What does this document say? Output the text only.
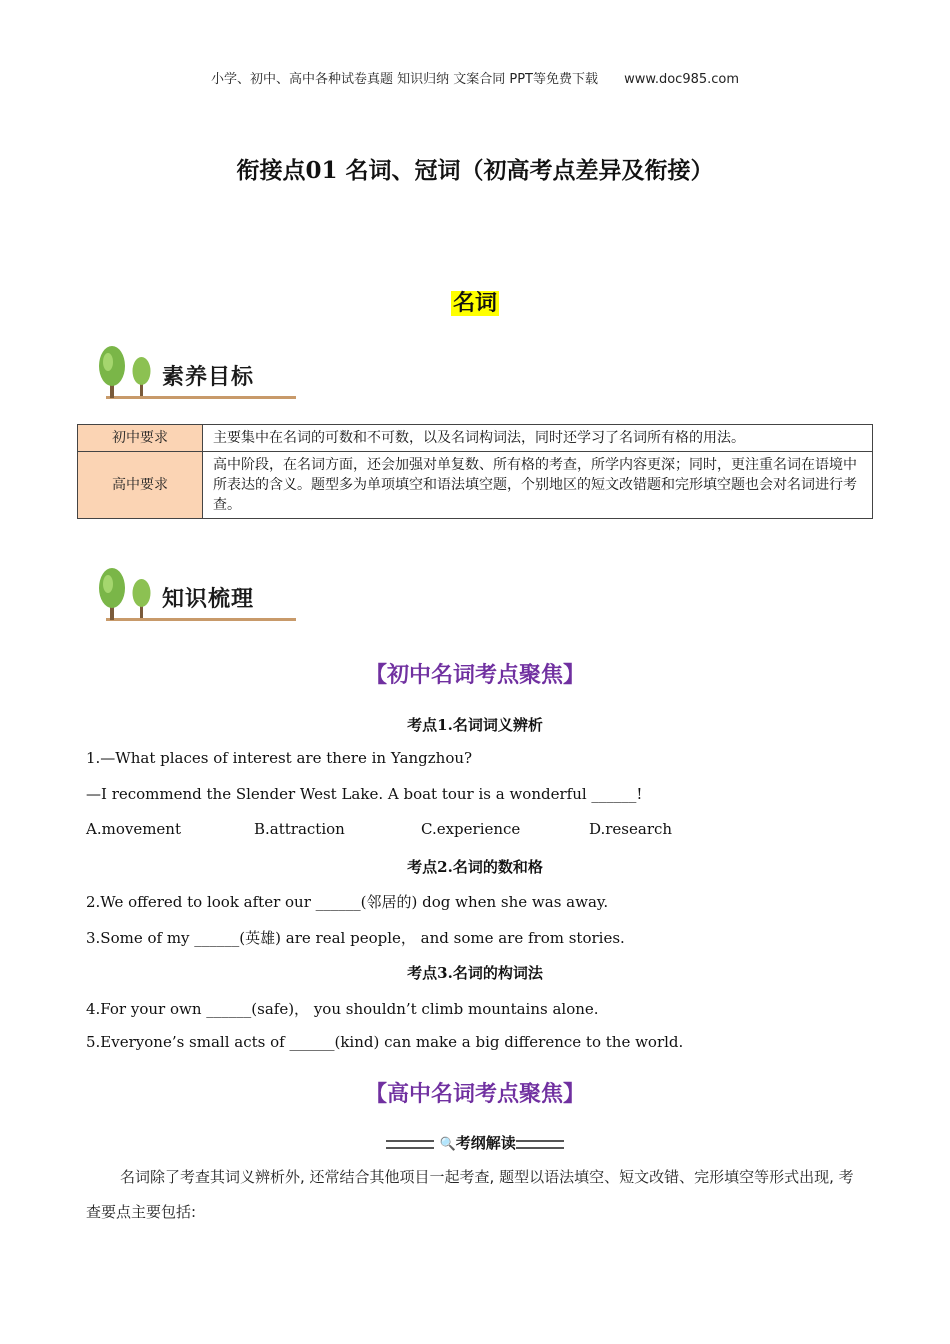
小学、初中、高中各种试卷真题 知识归纳 文案合同 PPT等免费下载 www.doc985.com
衔接点01 名词、冠词（初高考点差异及衔接）
名词
素养目标
初中要求	主要集中在名词的可数和不可数，以及名词构词法，同时还学习了名词所有格的用法。
高中要求	高中阶段，在名词方面，还会加强对单复数、所有格的考查，所学内容更深；同时，更注重名词在语境中所表达的含义。题型多为单项填空和语法填空题，个别地区的短文改错题和完形填空题也会对名词进行考查。
知识梳理
【初中名词考点聚焦】
考点1.名词词义辨析
1.—What places of interest are there in Yangzhou?
—I recommend the Slender West Lake. A boat tour is a wonderful ______!
A.movement	B.attraction	C.experience	D.research
考点2.名词的数和格
2.We offered to look after our ______(邻居的) dog when she was away.
3.Some of my ______(英雄) are real people， and some are from stories.
考点3.名词的构词法
4.For your own ______(safe)， you shouldn’t climb mountains alone.
5.Everyone’s small acts of ______(kind) can make a big difference to the world.
【高中名词考点聚焦】
🔍考纲解读
名词除了考查其词义辨析外, 还常结合其他项目一起考查, 题型以语法填空、短文改错、完形填空等形式出现, 考查要点主要包括:
